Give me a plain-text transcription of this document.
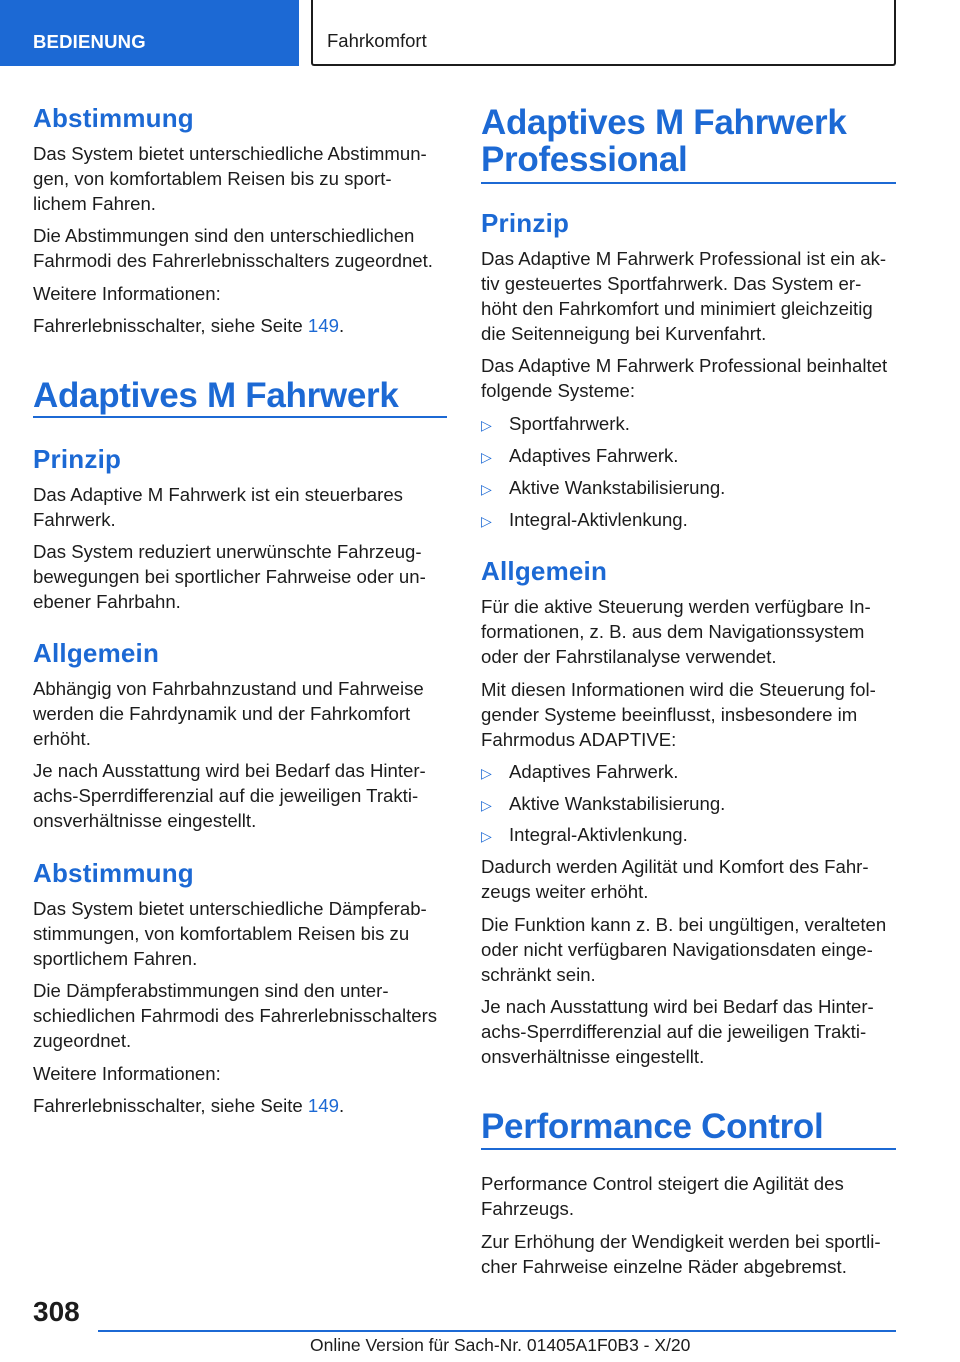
BEDIENUNG	Fahrkomfort
Abstimmung
Das System bietet unterschiedliche Abstimmun-
gen, von komfortablem Reisen bis zu sport-
lichem Fahren.
Die Abstimmungen sind den unterschiedlichen
Fahrmodi des Fahrerlebnisschalters zugeordnet.
Weitere Informationen:
Fahrerlebnisschalter, siehe Seite 149.
Adaptives M Fahrwerk
Prinzip
Das Adaptive M Fahrwerk ist ein steuerbares
Fahrwerk.
Das System reduziert unerwünschte Fahrzeug-
bewegungen bei sportlicher Fahrweise oder un-
ebener Fahrbahn.
Allgemein
Abhängig von Fahrbahnzustand und Fahrweise
werden die Fahrdynamik und der Fahrkomfort
erhöht.
Je nach Ausstattung wird bei Bedarf das Hinter-
achs-Sperrdifferenzial auf die jeweiligen Trakti-
onsverhältnisse eingestellt.
Abstimmung
Das System bietet unterschiedliche Dämpferab-
stimmungen, von komfortablem Reisen bis zu
sportlichem Fahren.
Die Dämpferabstimmungen sind den unter-
schiedlichen Fahrmodi des Fahrerlebnisschalters
zugeordnet.
Weitere Informationen:
Fahrerlebnisschalter, siehe Seite 149.
Adaptives M Fahrwerk
Professional
Prinzip
Das Adaptive M Fahrwerk Professional ist ein ak-
tiv gesteuertes Sportfahrwerk. Das System er-
höht den Fahrkomfort und minimiert gleichzeitig
die Seitenneigung bei Kurvenfahrt.
Das Adaptive M Fahrwerk Professional beinhaltet
folgende Systeme:
▷ Sportfahrwerk.
▷ Adaptives Fahrwerk.
▷ Aktive Wankstabilisierung.
▷ Integral-Aktivlenkung.
Allgemein
Für die aktive Steuerung werden verfügbare In-
formationen, z. B. aus dem Navigationssystem
oder der Fahrstilanalyse verwendet.
Mit diesen Informationen wird die Steuerung fol-
gender Systeme beeinflusst, insbesondere im
Fahrmodus ADAPTIVE:
▷ Adaptives Fahrwerk.
▷ Aktive Wankstabilisierung.
▷ Integral-Aktivlenkung.
Dadurch werden Agilität und Komfort des Fahr-
zeugs weiter erhöht.
Die Funktion kann z. B. bei ungültigen, veralteten
oder nicht verfügbaren Navigationsdaten einge-
schränkt sein.
Je nach Ausstattung wird bei Bedarf das Hinter-
achs-Sperrdifferenzial auf die jeweiligen Trakti-
onsverhältnisse eingestellt.
Performance Control
Performance Control steigert die Agilität des
Fahrzeugs.
Zur Erhöhung der Wendigkeit werden bei sportli-
cher Fahrweise einzelne Räder abgebremst.
308
Online Version für Sach-Nr. 01405A1F0B3 - X/20
